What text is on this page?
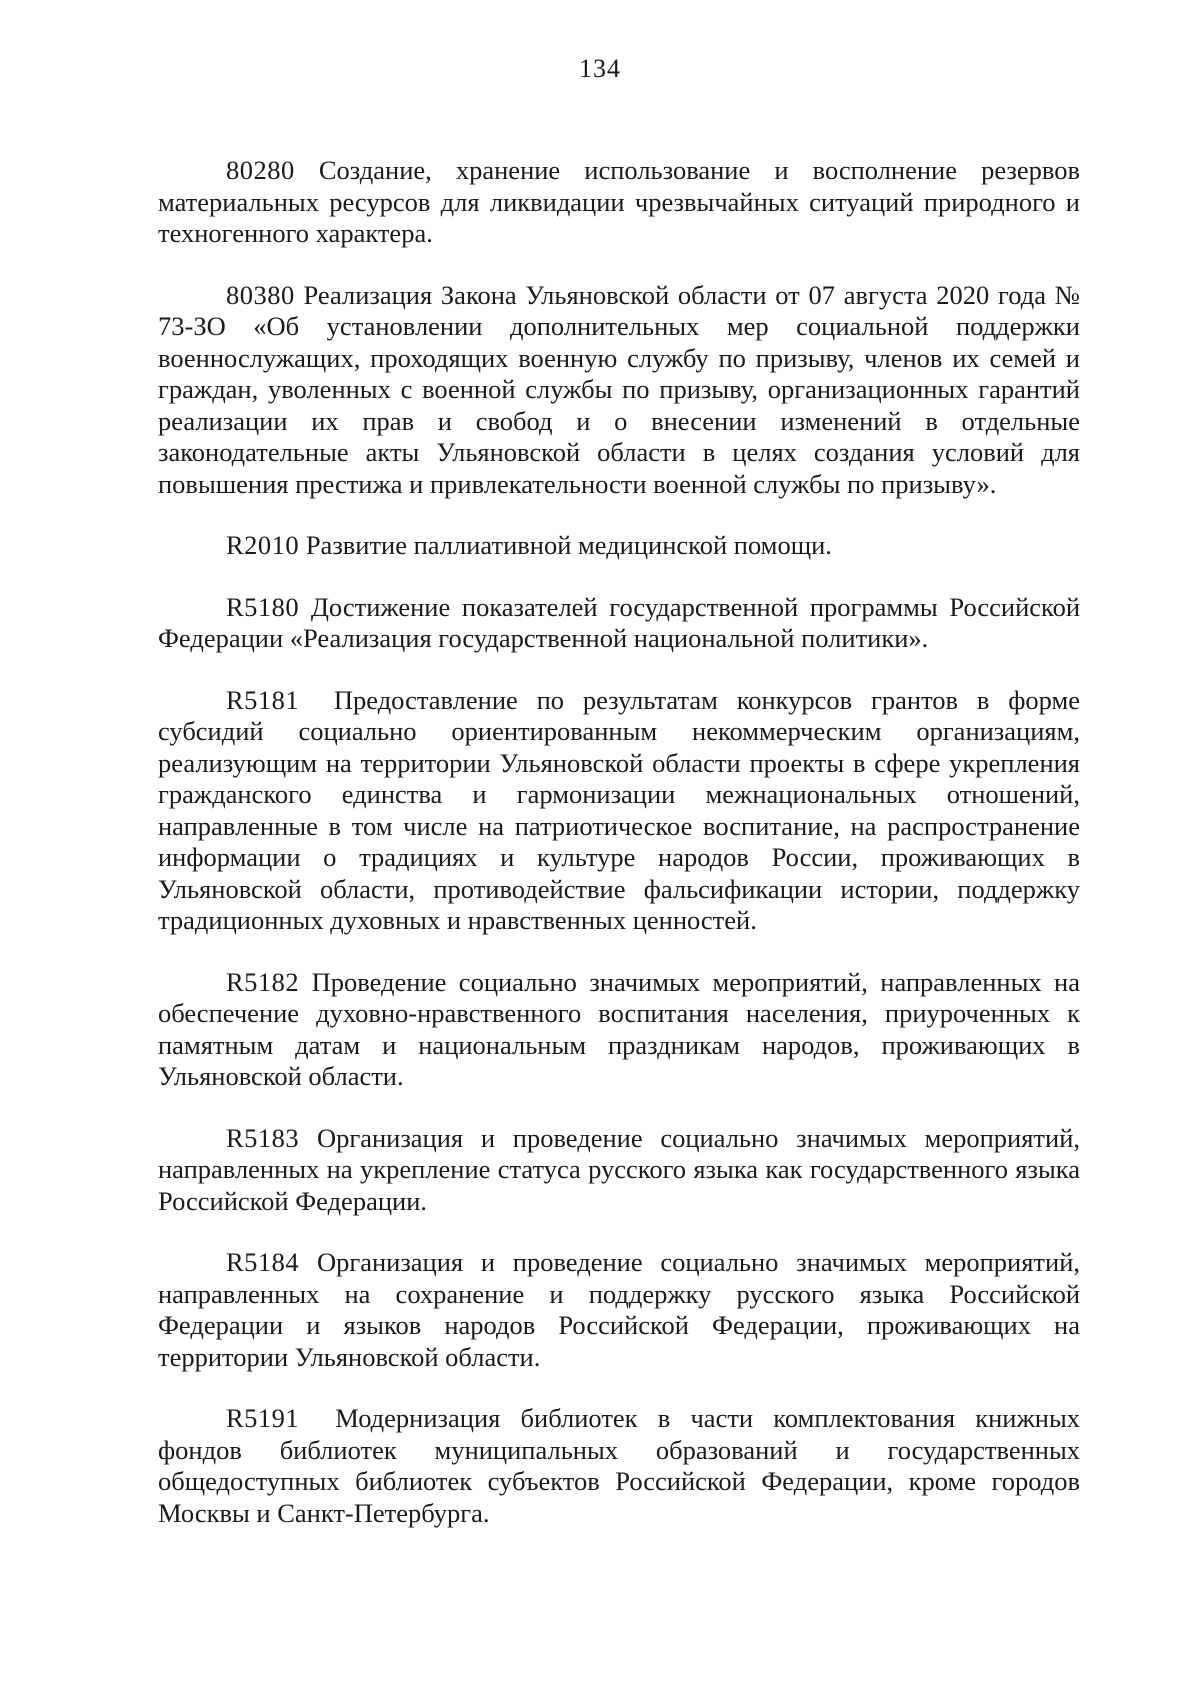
134

80280 Создание, хранение использование и восполнение резервов материальных ресурсов для ликвидации чрезвычайных ситуаций природного и техногенного характера.

80380 Реализация Закона Ульяновской области от 07 августа 2020 года № 73-ЗО «Об установлении дополнительных мер социальной поддержки военнослужащих, проходящих военную службу по призыву, членов их семей и граждан, уволенных с военной службы по призыву, организационных гарантий реализации их прав и свобод и о внесении изменений в отдельные законодательные акты Ульяновской области в целях создания условий для повышения престижа и привлекательности военной службы по призыву».

R2010 Развитие паллиативной медицинской помощи.

R5180 Достижение показателей государственной программы Российской Федерации «Реализация государственной национальной политики».

R5181 Предоставление по результатам конкурсов грантов в форме субсидий социально ориентированным некоммерческим организациям, реализующим на территории Ульяновской области проекты в сфере укрепления гражданского единства и гармонизации межнациональных отношений, направленные в том числе на патриотическое воспитание, на распространение информации о традициях и культуре народов России, проживающих в Ульяновской области, противодействие фальсификации истории, поддержку традиционных духовных и нравственных ценностей.

R5182 Проведение социально значимых мероприятий, направленных на обеспечение духовно-нравственного воспитания населения, приуроченных к памятным датам и национальным праздникам народов, проживающих в Ульяновской области.

R5183 Организация и проведение социально значимых мероприятий, направленных на укрепление статуса русского языка как государственного языка Российской Федерации.

R5184 Организация и проведение социально значимых мероприятий, направленных на сохранение и поддержку русского языка Российской Федерации и языков народов Российской Федерации, проживающих на территории Ульяновской области.

R5191 Модернизация библиотек в части комплектования книжных фондов библиотек муниципальных образований и государственных общедоступных библиотек субъектов Российской Федерации, кроме городов Москвы и Санкт-Петербурга.
